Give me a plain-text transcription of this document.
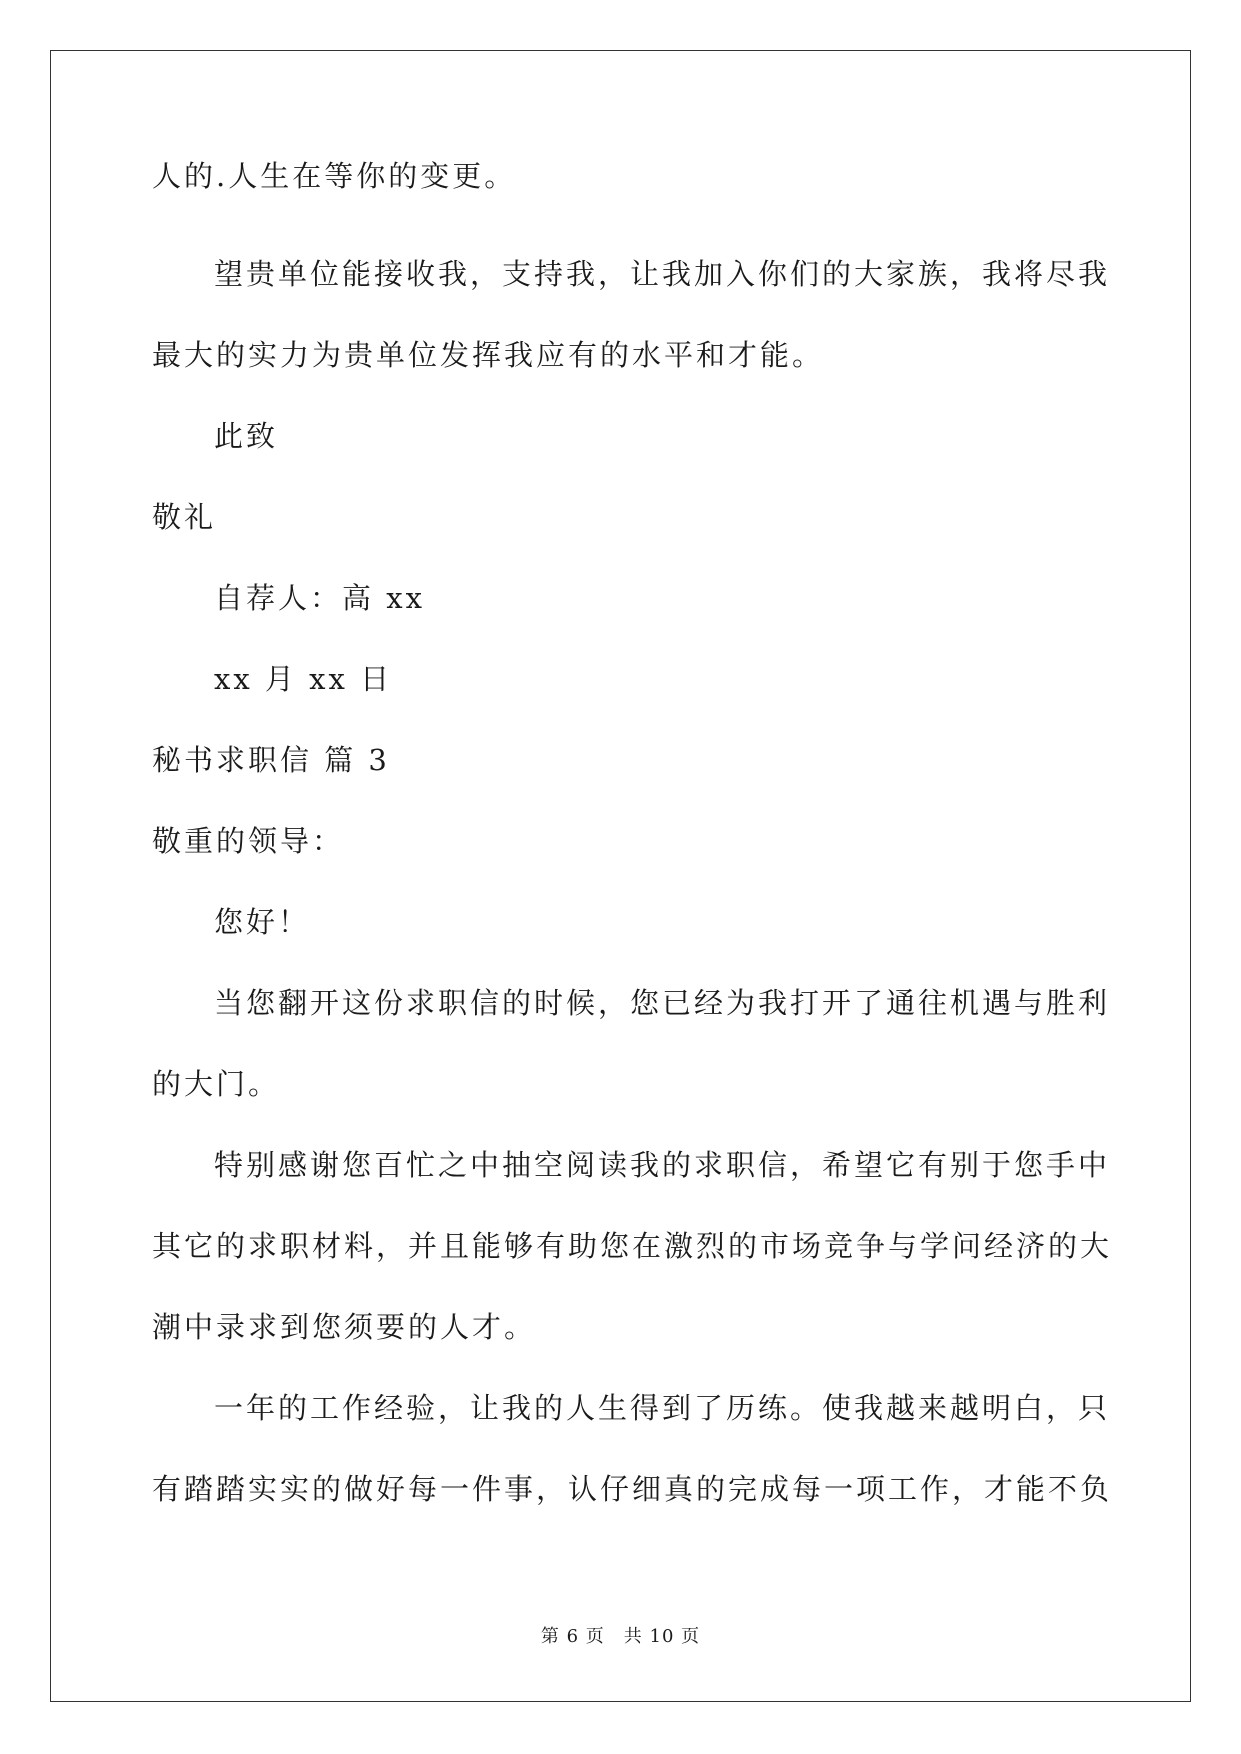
人的.人生在等你的变更。
望贵单位能接收我，支持我，让我加入你们的大家族，我将尽我
最大的实力为贵单位发挥我应有的水平和才能。
此致
敬礼
自荐人：高 xx
xx 月 xx 日
秘书求职信 篇 3
敬重的领导：
您好！
当您翻开这份求职信的时候，您已经为我打开了通往机遇与胜利
的大门。
特别感谢您百忙之中抽空阅读我的求职信，希望它有别于您手中
其它的求职材料，并且能够有助您在激烈的市场竞争与学问经济的大
潮中录求到您须要的人才。
一年的工作经验，让我的人生得到了历练。使我越来越明白，只
有踏踏实实的做好每一件事，认仔细真的完成每一项工作，才能不负
第 6 页　共 10 页
